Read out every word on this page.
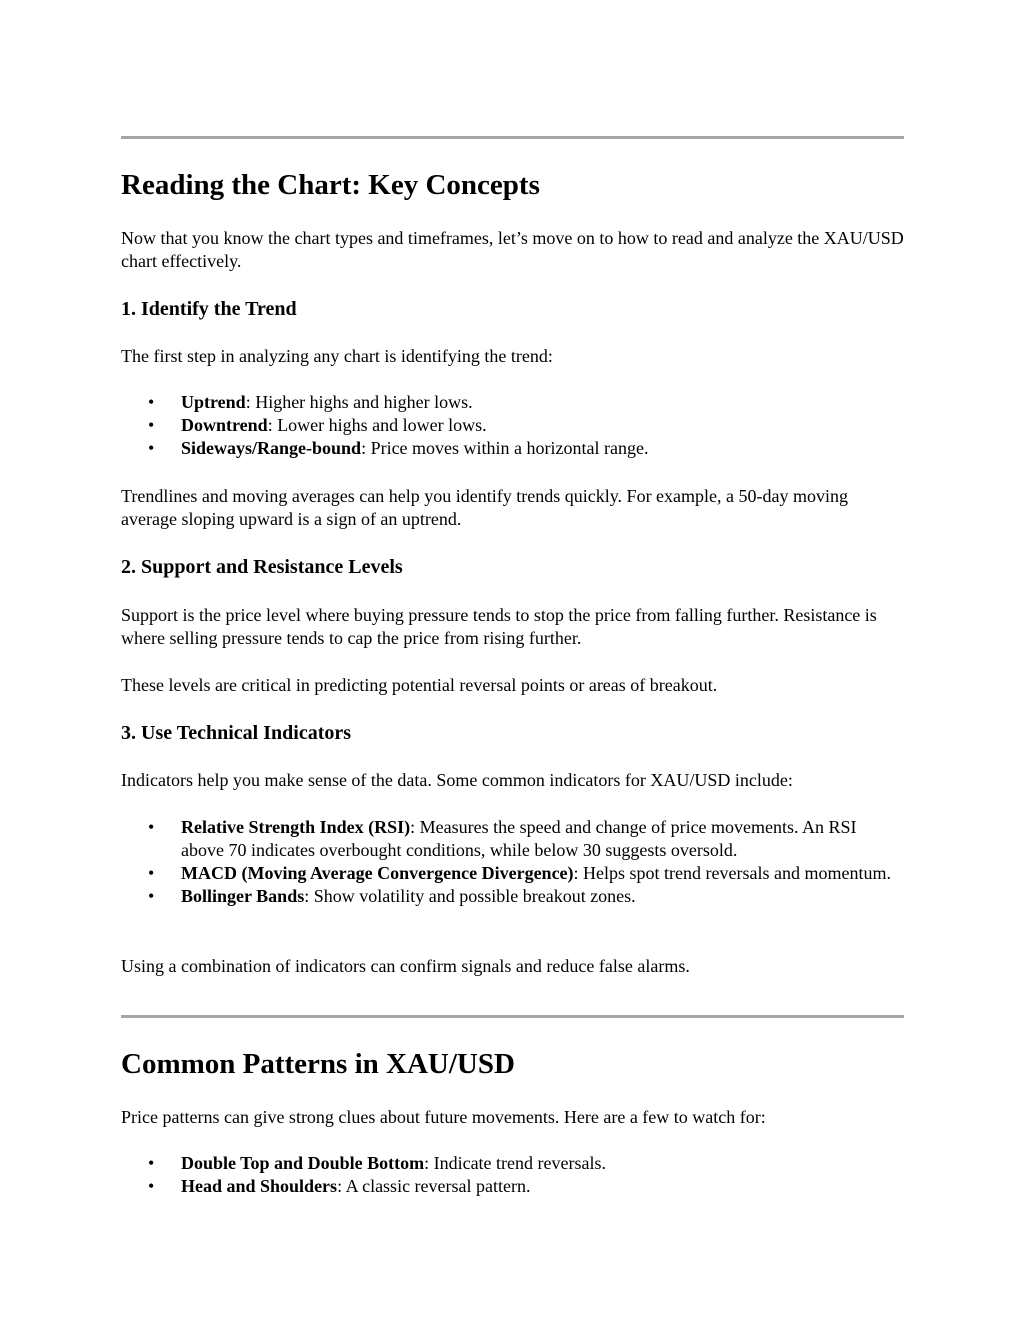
Reading the Chart: Key Concepts

Now that you know the chart types and timeframes, let’s move on to how to read and analyze the XAU/USD chart effectively.

1. Identify the Trend

The first step in analyzing any chart is identifying the trend:

• Uptrend: Higher highs and higher lows.
• Downtrend: Lower highs and lower lows.
• Sideways/Range-bound: Price moves within a horizontal range.

Trendlines and moving averages can help you identify trends quickly. For example, a 50-day moving average sloping upward is a sign of an uptrend.

2. Support and Resistance Levels

Support is the price level where buying pressure tends to stop the price from falling further. Resistance is where selling pressure tends to cap the price from rising further.

These levels are critical in predicting potential reversal points or areas of breakout.

3. Use Technical Indicators

Indicators help you make sense of the data. Some common indicators for XAU/USD include:

• Relative Strength Index (RSI): Measures the speed and change of price movements. An RSI above 70 indicates overbought conditions, while below 30 suggests oversold.
• MACD (Moving Average Convergence Divergence): Helps spot trend reversals and momentum.
• Bollinger Bands: Show volatility and possible breakout zones.

Using a combination of indicators can confirm signals and reduce false alarms.

Common Patterns in XAU/USD

Price patterns can give strong clues about future movements. Here are a few to watch for:

• Double Top and Double Bottom: Indicate trend reversals.
• Head and Shoulders: A classic reversal pattern.
